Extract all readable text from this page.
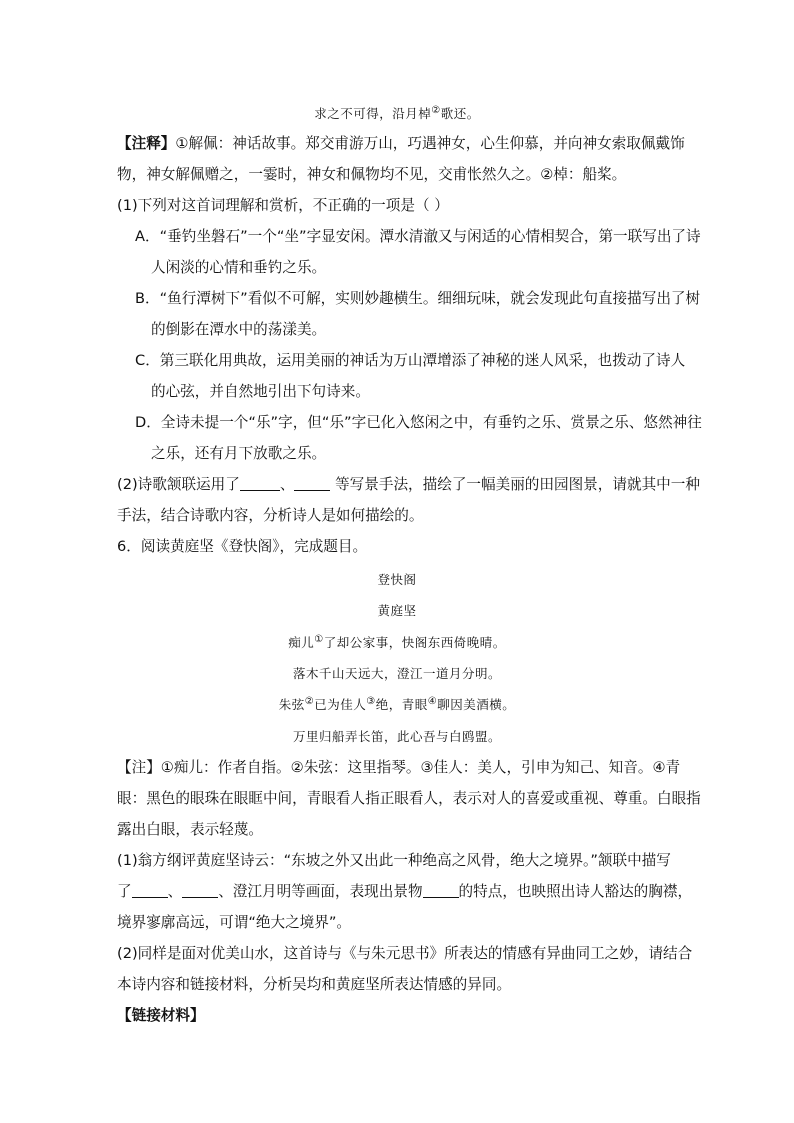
求之不可得，沿月棹②歌还。
【注释】①解佩：神话故事。郑交甫游万山，巧遇神女，心生仰慕，并向神女索取佩戴饰
物，神女解佩赠之，一霎时，神女和佩物均不见，交甫怅然久之。②棹：船桨。
(1)下列对这首词理解和赏析，不正确的一项是（ ）
A．“垂钓坐磐石”一个“坐”字显安闲。潭水清澈又与闲适的心情相契合，第一联写出了诗
人闲淡的心情和垂钓之乐。
B．“鱼行潭树下”看似不可解，实则妙趣横生。细细玩味，就会发现此句直接描写出了树
的倒影在潭水中的荡漾美。
C．第三联化用典故，运用美丽的神话为万山潭增添了神秘的迷人风采，也拨动了诗人
的心弦，并自然地引出下句诗来。
D．全诗未提一个“乐”字，但“乐”字已化入悠闲之中，有垂钓之乐、赏景之乐、悠然神往
之乐，还有月下放歌之乐。
(2)诗歌颔联运用了	、 等写景手法，描绘了一幅美丽的田园图景，请就其中一种
手法，结合诗歌内容，分析诗人是如何描绘的。
6．阅读黄庭坚《登快阁》，完成题目。
登快阁
黄庭坚
痴儿①了却公家事，快阁东西倚晚晴。
落木千山天远大，澄江一道月分明。
朱弦②已为佳人③绝，青眼④聊因美酒横。
万里归船弄长笛，此心吾与白鸥盟。
【注】①痴儿：作者自指。②朱弦：这里指琴。③佳人：美人，引申为知己、知音。④青
眼：黑色的眼珠在眼眶中间，青眼看人指正眼看人，表示对人的喜爱或重视、尊重。白眼指
露出白眼，表示轻蔑。
(1)翁方纲评黄庭坚诗云：“东坡之外又出此一种绝高之风骨，绝大之境界。”颔联中描写
了 、 、澄江月明等画面，表现出景物 的特点，也映照出诗人豁达的胸襟，
境界寥廓高远，可谓“绝大之境界”。
(2)同样是面对优美山水，这首诗与《与朱元思书》所表达的情感有异曲同工之妙，请结合
本诗内容和链接材料，分析吴均和黄庭坚所表达情感的异同。
【链接材料】
